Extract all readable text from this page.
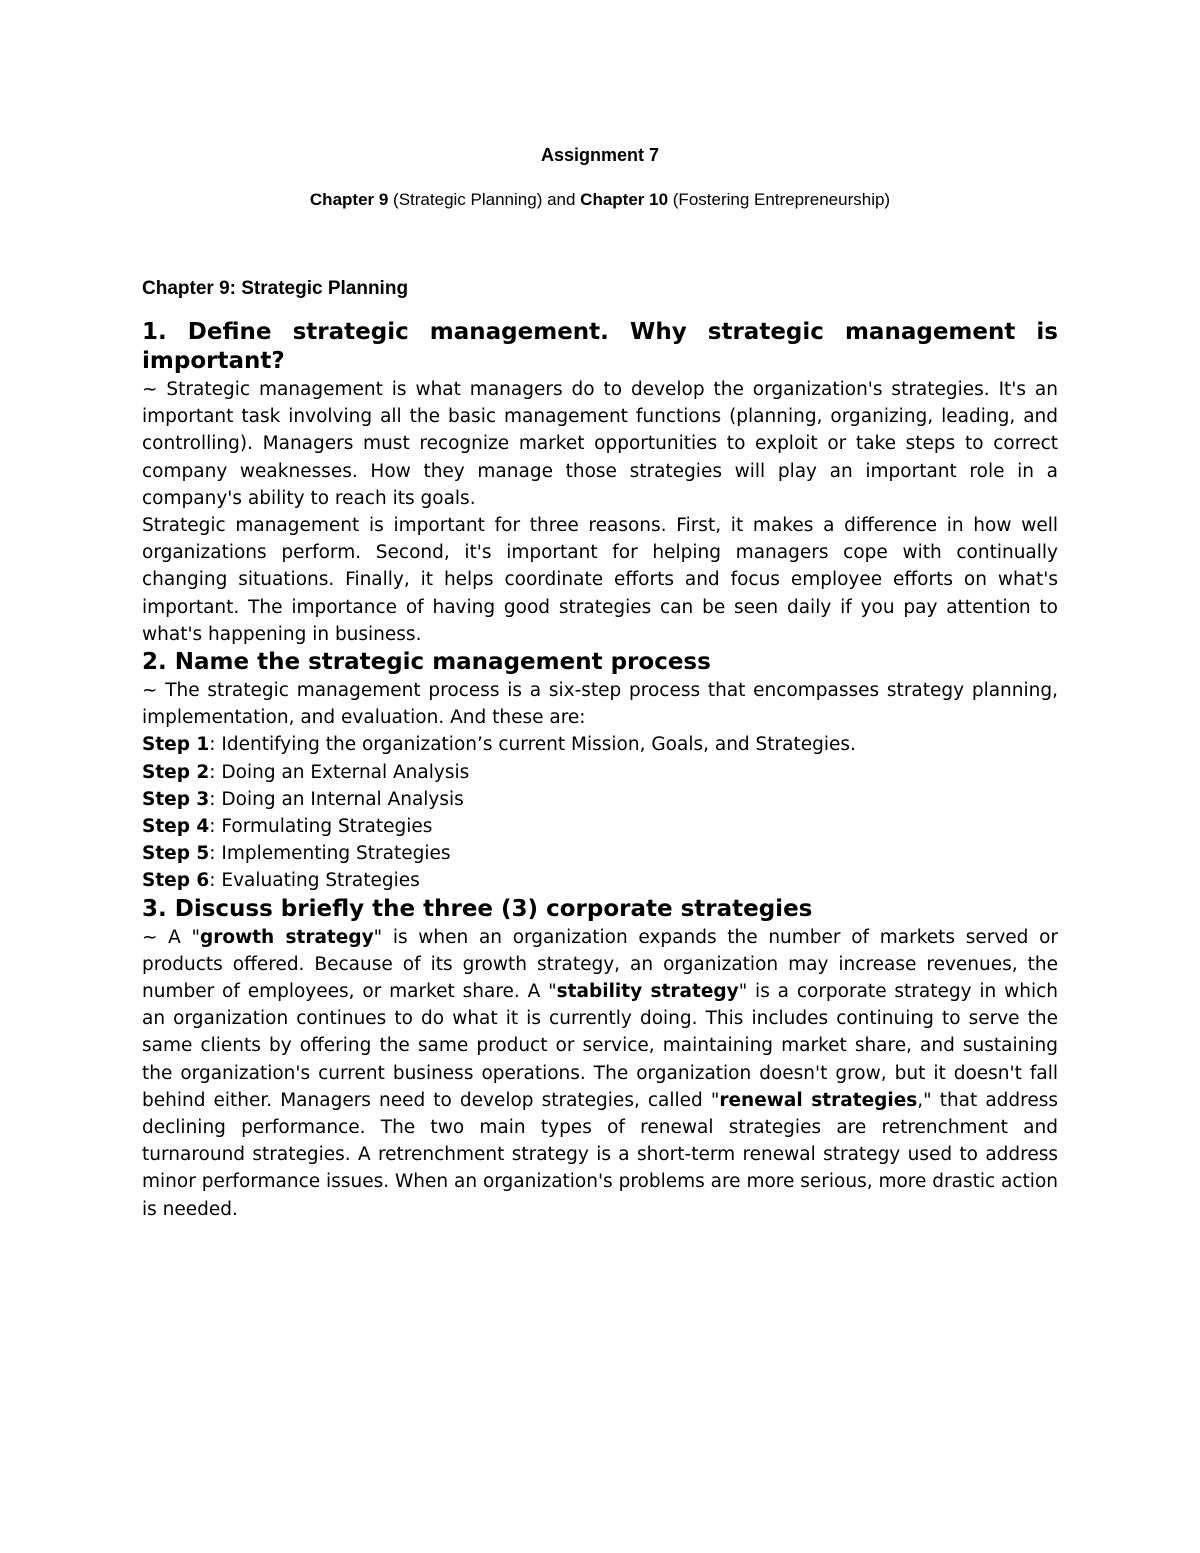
Assignment 7

Chapter 9 (Strategic Planning) and Chapter 10 (Fostering Entrepreneurship)

Chapter 9: Strategic Planning
1. Define strategic management. Why strategic management is important?

~ Strategic management is what managers do to develop the organization's strategies. It's an important task involving all the basic management functions (planning, organizing, leading, and controlling). Managers must recognize market opportunities to exploit or take steps to correct company weaknesses. How they manage those strategies will play an important role in a company's ability to reach its goals.

Strategic management is important for three reasons. First, it makes a difference in how well organizations perform. Second, it's important for helping managers cope with continually changing situations. Finally, it helps coordinate efforts and focus employee efforts on what's important. The importance of having good strategies can be seen daily if you pay attention to what's happening in business.

2. Name the strategic management process

~ The strategic management process is a six-step process that encompasses strategy planning, implementation, and evaluation. And these are:

Step 1: Identifying the organization’s current Mission, Goals, and Strategies.
Step 2: Doing an External Analysis
Step 3: Doing an Internal Analysis
Step 4: Formulating Strategies
Step 5: Implementing Strategies
Step 6: Evaluating Strategies
3. Discuss briefly the three (3) corporate strategies

~ A "growth strategy" is when an organization expands the number of markets served or products offered. Because of its growth strategy, an organization may increase revenues, the number of employees, or market share. A "stability strategy" is a corporate strategy in which an organization continues to do what it is currently doing. This includes continuing to serve the same clients by offering the same product or service, maintaining market share, and sustaining the organization's current business operations. The organization doesn't grow, but it doesn't fall behind either. Managers need to develop strategies, called "renewal strategies," that address declining performance. The two main types of renewal strategies are retrenchment and turnaround strategies. A retrenchment strategy is a short-term renewal strategy used to address minor performance issues. When an organization's problems are more serious, more drastic action is needed.
